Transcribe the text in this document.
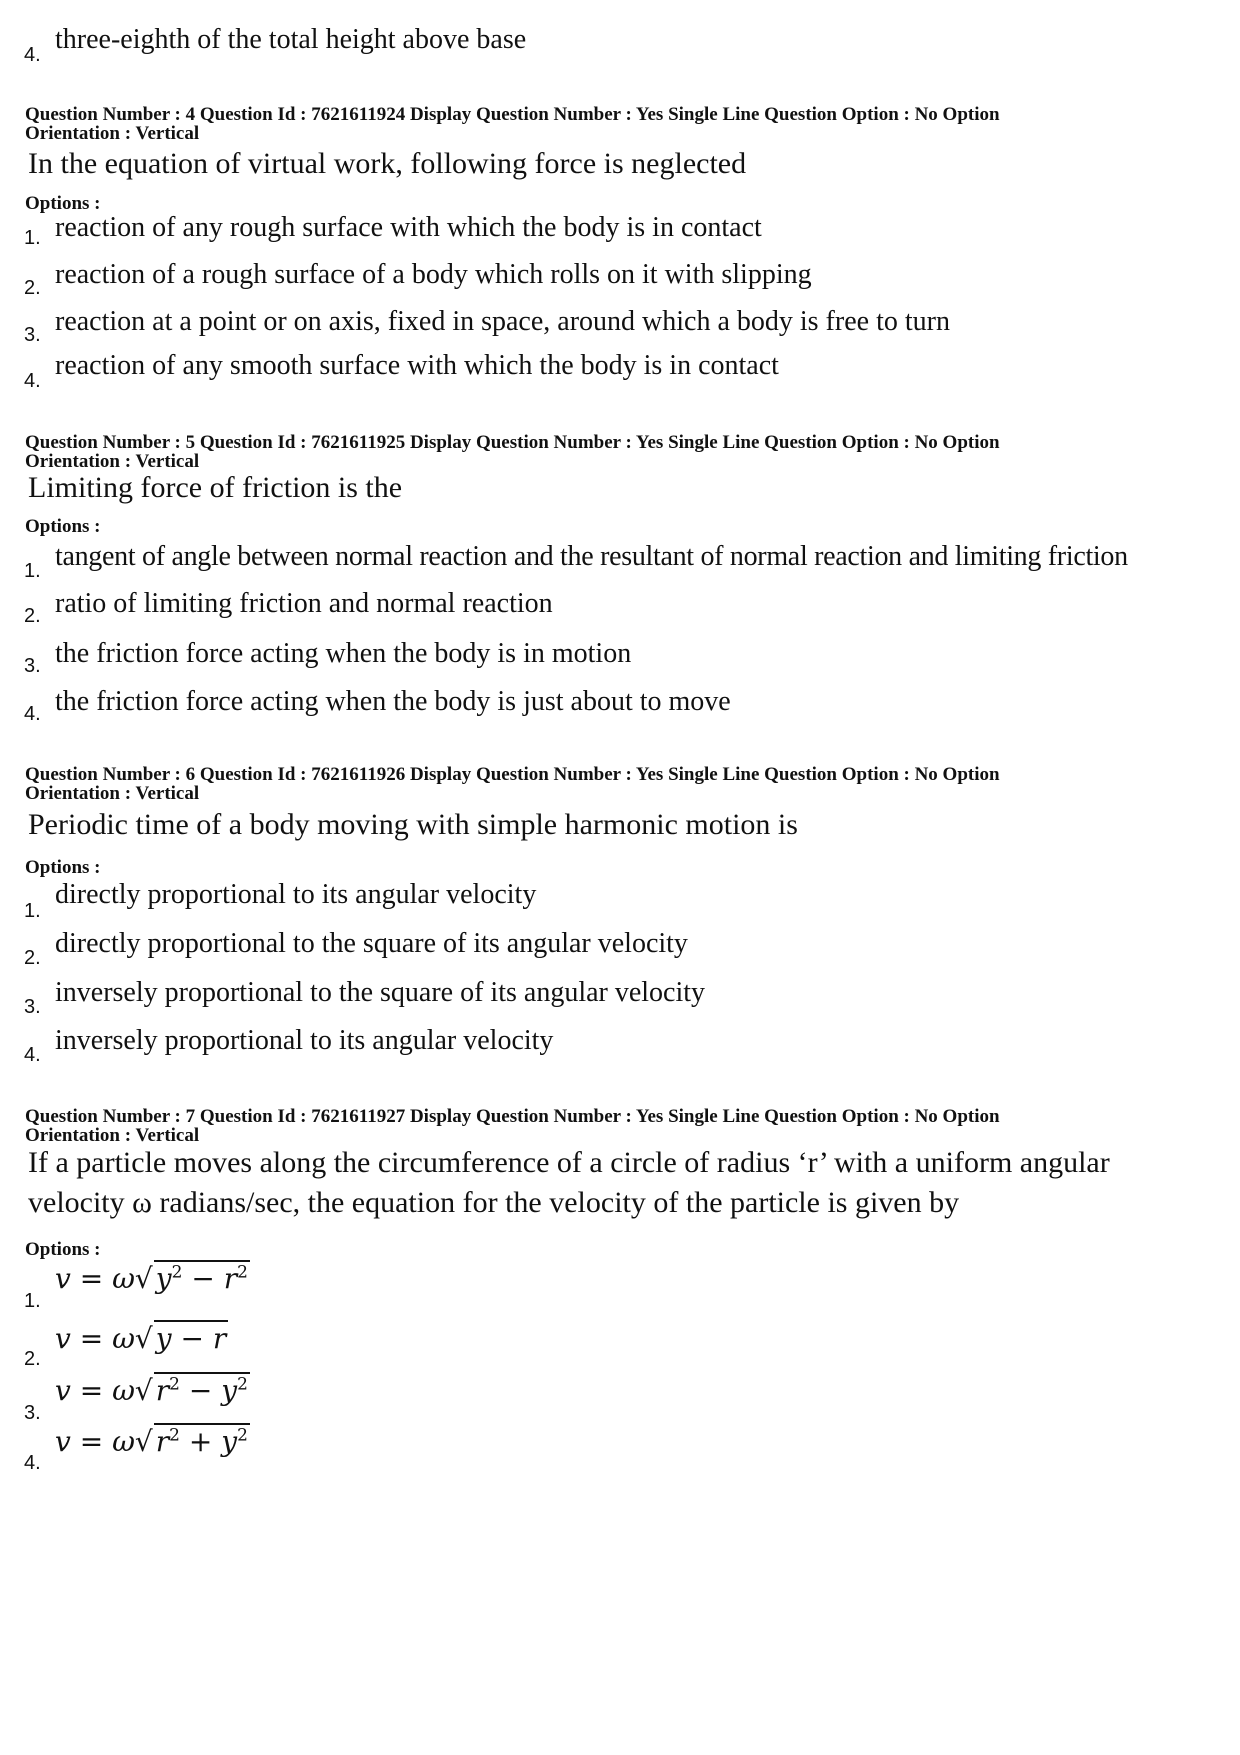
4. three-eighth of the total height above base
Question Number : 4 Question Id : 7621611924 Display Question Number : Yes Single Line Question Option : No Option
Orientation : Vertical
In the equation of virtual work, following force is neglected
Options :
1. reaction of any rough surface with which the body is in contact
2. reaction of a rough surface of a body which rolls on it with slipping
3. reaction at a point or on axis, fixed in space, around which a body is free to turn
4. reaction of any smooth surface with which the body is in contact
Question Number : 5 Question Id : 7621611925 Display Question Number : Yes Single Line Question Option : No Option
Orientation : Vertical
Limiting force of friction is the
Options :
1. tangent of angle between normal reaction and the resultant of normal reaction and limiting friction
2. ratio of limiting friction and normal reaction
3. the friction force acting when the body is in motion
4. the friction force acting when the body is just about to move
Question Number : 6 Question Id : 7621611926 Display Question Number : Yes Single Line Question Option : No Option
Orientation : Vertical
Periodic time of a body moving with simple harmonic motion is
Options :
1.
directly proportional to its angular velocity
2. directly proportional to the square of its angular velocity
3. inversely proportional to the square of its angular velocity
4. inversely proportional to its angular velocity
Question Number : 7 Question Id : 7621611927 Display Question Number : Yes Single Line Question Option : No Option
Orientation : Vertical
If a particle moves along the circumference of a circle of radius ‘r’ with a uniform angular
velocity ω radians/sec, the equation for the velocity of the particle is given by
Options :
1.
v = ω√ $y^2 - r^2$
2.
v = ω√ y − r
3.
v = ω√ $r^2 - y^2$
4.
v = ω√ $r^2 + y^2$
